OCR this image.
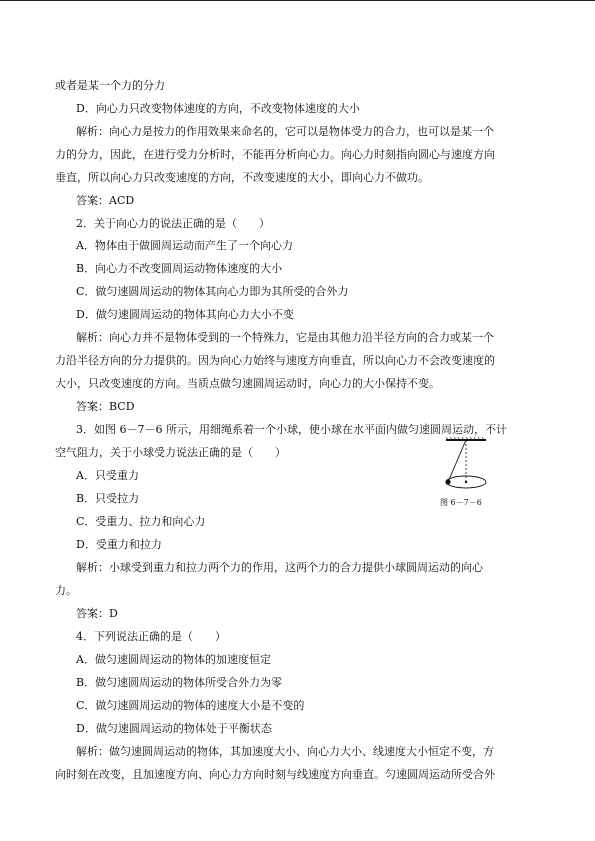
或者是某一个力的分力
D．向心力只改变物体速度的方向，不改变物体速度的大小
解析：向心力是按力的作用效果来命名的，它可以是物体受力的合力，也可以是某一个
力的分力，因此，在进行受力分析时，不能再分析向心力。向心力时刻指向圆心与速度方向
垂直，所以向心力只改变速度的方向，不改变速度的大小，即向心力不做功。
答案：ACD
2．关于向心力的说法正确的是（　　）
A．物体由于做圆周运动而产生了一个向心力
B．向心力不改变圆周运动物体速度的大小
C．做匀速圆周运动的物体其向心力即为其所受的合外力
D．做匀速圆周运动的物体其向心力大小不变
解析：向心力并不是物体受到的一个特殊力，它是由其他力沿半径方向的合力或某一个
力沿半径方向的分力提供的。因为向心力始终与速度方向垂直，所以向心力不会改变速度的
大小，只改变速度的方向。当质点做匀速圆周运动时，向心力的大小保持不变。
答案：BCD
3．如图 6－7－6 所示，用细绳系着一个小球，使小球在水平面内做匀速圆周运动，不计
空气阻力，关于小球受力说法正确的是（　　）
A．只受重力
B．只受拉力
C．受重力、拉力和向心力
D．受重力和拉力
解析：小球受到重力和拉力两个力的作用，这两个力的合力提供小球圆周运动的向心
力。
答案：D
4．下列说法正确的是（　　）
A．做匀速圆周运动的物体的加速度恒定
B．做匀速圆周运动的物体所受合外力为零
C．做匀速圆周运动的物体的速度大小是不变的
D．做匀速圆周运动的物体处于平衡状态
解析：做匀速圆周运动的物体，其加速度大小、向心力大小、线速度大小恒定不变，方
向时刻在改变，且加速度方向、向心力方向时刻与线速度方向垂直。匀速圆周运动所受合外
图 6－7－6
